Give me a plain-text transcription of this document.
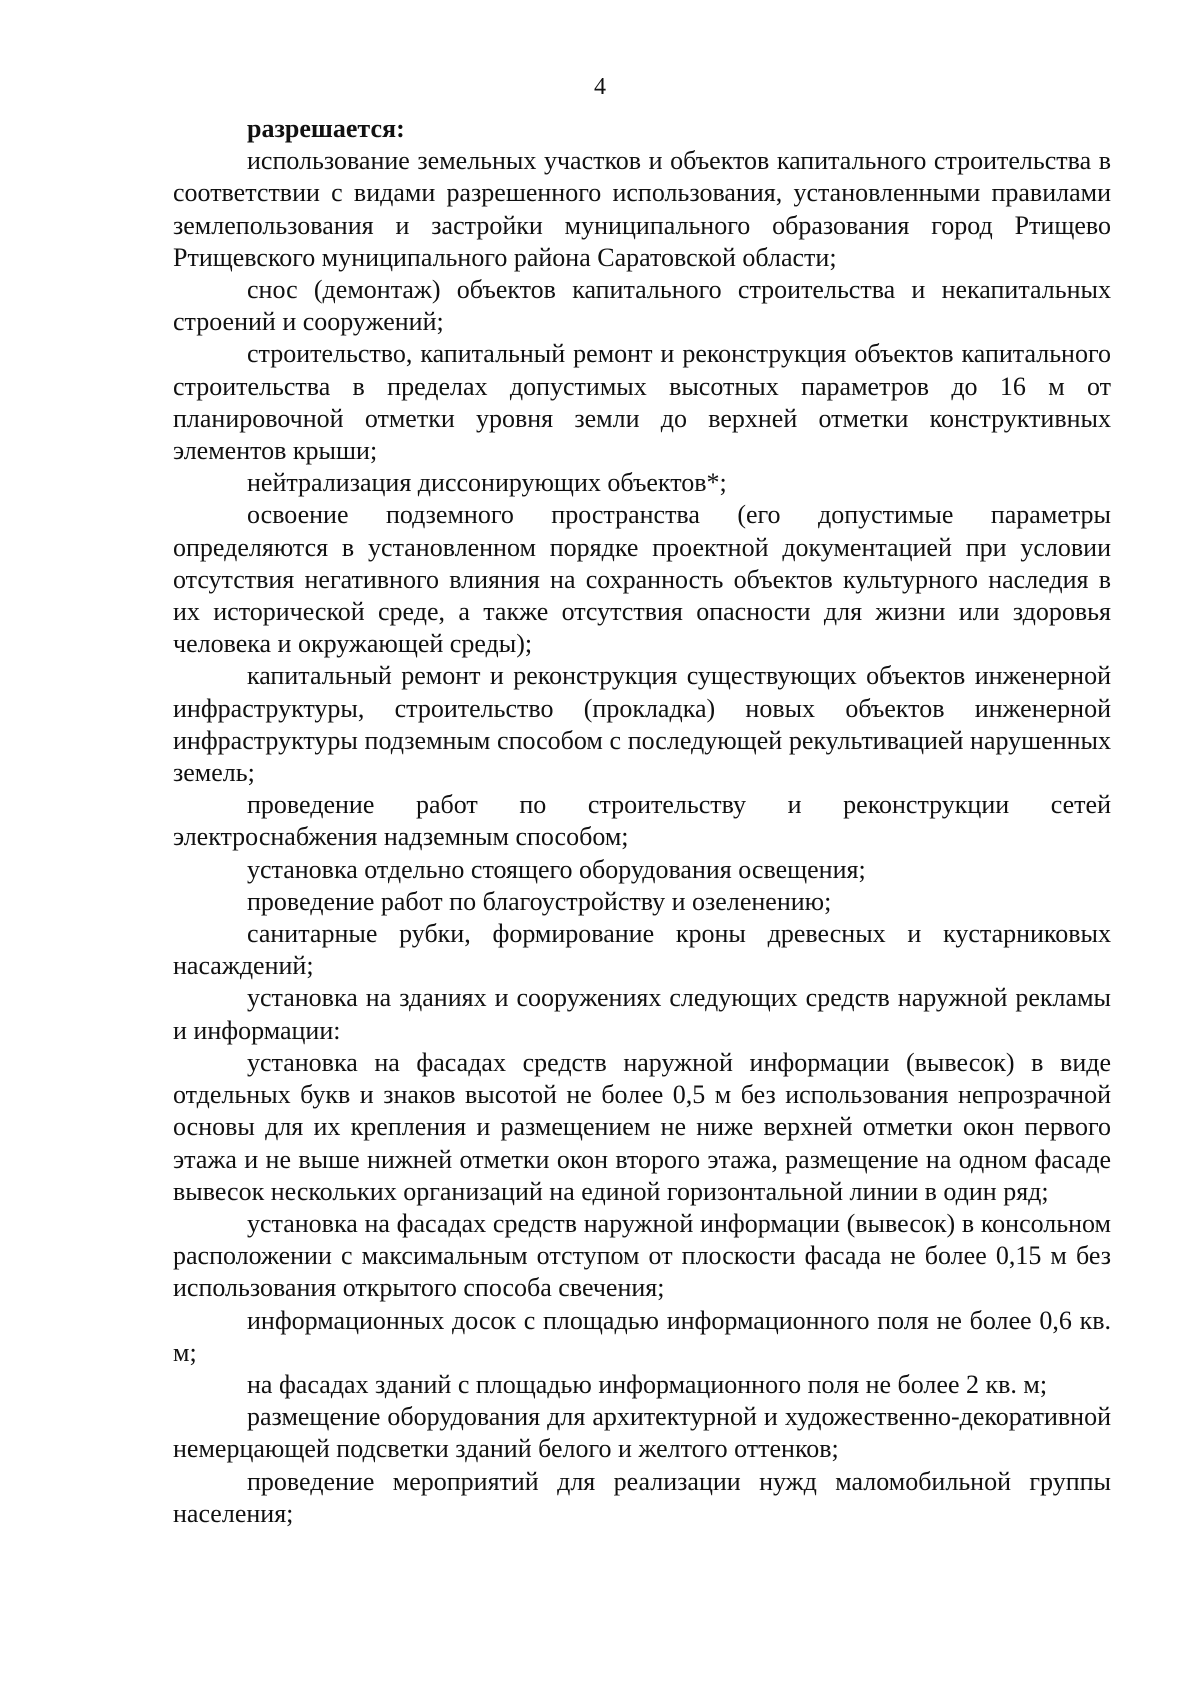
4

разрешается:

использование земельных участков и объектов капитального строительства в соответствии с видами разрешенного использования, установленными правилами землепользования и застройки муниципального образования город Ртищево Ртищевского муниципального района Саратовской области;

снос (демонтаж) объектов капитального строительства и некапитальных строений и сооружений;

строительство, капитальный ремонт и реконструкция объектов капитального строительства в пределах допустимых высотных параметров до 16 м от планировочной отметки уровня земли до верхней отметки конструктивных элементов крыши;

нейтрализация диссонирующих объектов*;

освоение подземного пространства (его допустимые параметры определяются в установленном порядке проектной документацией при условии отсутствия негативного влияния на сохранность объектов культурного наследия в их исторической среде, а также отсутствия опасности для жизни или здоровья человека и окружающей среды);

капитальный ремонт и реконструкция существующих объектов инженерной инфраструктуры, строительство (прокладка) новых объектов инженерной инфраструктуры подземным способом с последующей рекультивацией нарушенных земель;

проведение работ по строительству и реконструкции сетей электроснабжения надземным способом;

установка отдельно стоящего оборудования освещения;

проведение работ по благоустройству и озеленению;

санитарные рубки, формирование кроны древесных и кустарниковых насаждений;

установка на зданиях и сооружениях следующих средств наружной рекламы и информации:

установка на фасадах средств наружной информации (вывесок) в виде отдельных букв и знаков высотой не более 0,5 м без использования непрозрачной основы для их крепления и размещением не ниже верхней отметки окон первого этажа и не выше нижней отметки окон второго этажа, размещение на одном фасаде вывесок нескольких организаций на единой горизонтальной линии в один ряд;

установка на фасадах средств наружной информации (вывесок) в консольном расположении с максимальным отступом от плоскости фасада не более 0,15 м без использования открытого способа свечения;

информационных досок с площадью информационного поля не более 0,6 кв. м;

на фасадах зданий с площадью информационного поля не более 2 кв. м;

размещение оборудования для архитектурной и художественно-декоративной немерцающей подсветки зданий белого и желтого оттенков;

проведение мероприятий для реализации нужд маломобильной группы населения;
